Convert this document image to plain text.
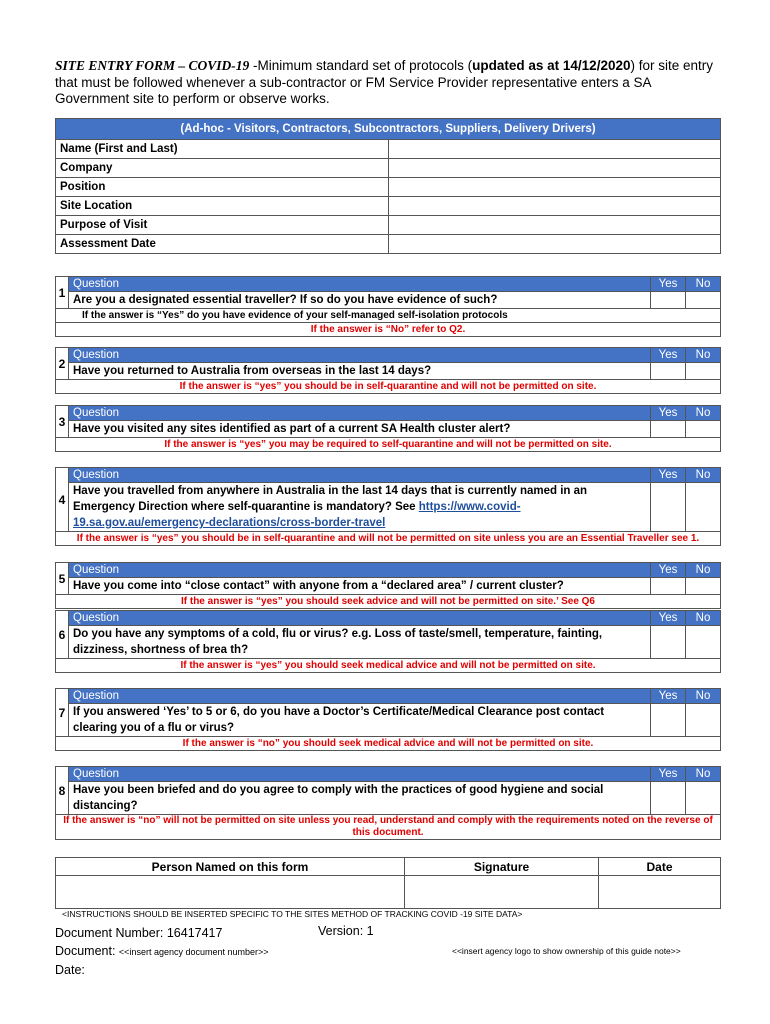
SITE ENTRY FORM – COVID-19 -Minimum standard set of protocols (updated as at 14/12/2020) for site entry that must be followed whenever a sub-contractor or FM Service Provider representative enters a SA Government site to perform or observe works.
(Ad-hoc - Visitors, Contractors, Subcontractors, Suppliers, Delivery Drivers)	
Name (First and Last)	
Company	
Position	
Site Location	
Purpose of Visit	
Assessment Date	
1	Question	Yes	No
	Are you a designated essential traveller? If so do you have evidence of such?		
If the answer is “Yes” do you have evidence of your self-managed self-isolation protocols			
If the answer is “No” refer to Q2.			
2	Question	Yes	No
	Have you returned to Australia from overseas in the last 14 days?		
If the answer is “yes” you should be in self-quarantine and will not be permitted on site.			
3	Question	Yes	No
	Have you visited any sites identified as part of a current SA Health cluster alert?		
If the answer is “yes” you may be required to self-quarantine and will not be permitted on site.			
4	Question	Yes	No
	Have you travelled from anywhere in Australia in the last 14 days that is currently named in an Emergency Direction where self-quarantine is mandatory? See https://www.covid-19.sa.gov.au/emergency-declarations/cross-border-travel		
If the answer is “yes” you should be in self-quarantine and will not be permitted on site unless you are an Essential Traveller see 1.			
5	Question	Yes	No
	Have you come into “close contact” with anyone from a “declared area” / current cluster?		
If the answer is “yes” you should seek advice and will not be permitted on site.’ See Q6			
6	Question	Yes	No
	Do you have any symptoms of a cold, flu or virus? e.g. Loss of taste/smell, temperature, fainting, dizziness, shortness of brea th?		
If the answer is “yes” you should seek medical advice and will not be permitted on site.			
7	Question	Yes	No
	If you answered ‘Yes’ to 5 or 6, do you have a Doctor’s Certificate/Medical Clearance post contact clearing you of a flu or virus?		
If the answer is “no” you should seek medical advice and will not be permitted on site.			
8	Question	Yes	No
	Have you been briefed and do you agree to comply with the practices of good hygiene and social distancing?		
If the answer is “no” will not be permitted on site unless you read, understand and comply with the requirements noted on the reverse of this document.			
Person Named on this form	Signature	Date

<INSTRUCTIONS SHOULD BE INSERTED SPECIFIC TO THE SITES METHOD OF TRACKING COVID -19 SITE DATA>
Document Number: 16417417
Document: <<insert agency document number>>
Date:
Version: 1
<<insert agency logo to show ownership of this guide note>>
